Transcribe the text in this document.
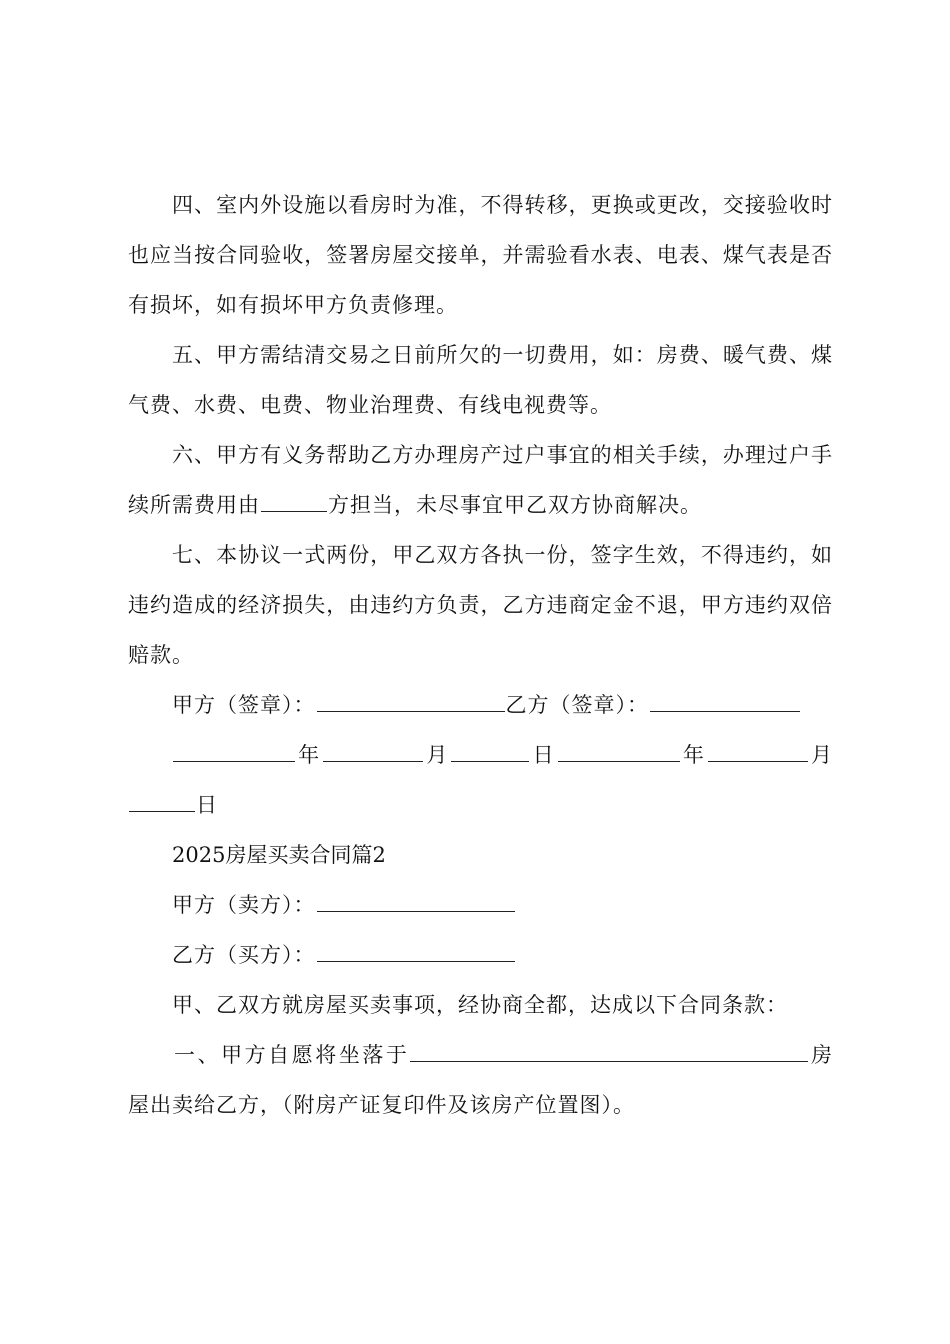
四、室内外设施以看房时为准，不得转移，更换或更改，交接验收时也应当按合同验收，签署房屋交接单，并需验看水表、电表、煤气表是否有损坏，如有损坏甲方负责修理。

五、甲方需结清交易之日前所欠的一切费用，如：房费、暖气费、煤气费、水费、电费、物业治理费、有线电视费等。

六、甲方有义务帮助乙方办理房产过户事宜的相关手续，办理过户手续所需费用由	方担当，未尽事宜甲乙双方协商解决。

七、本协议一式两份，甲乙双方各执一份，签字生效，不得违约，如违约造成的经济损失，由违约方负责，乙方违商定金不退，甲方违约双倍赔款。

甲方（签章）：	乙方（签章）：

年	月	日	年	月日

2025房屋买卖合同篇2

甲方（卖方）：

乙方（买方）：

甲、乙双方就房屋买卖事项，经协商全都，达成以下合同条款：

一、甲方自愿将坐落于	房屋出卖给乙方，（附房产证复印件及该房产位置图）。
